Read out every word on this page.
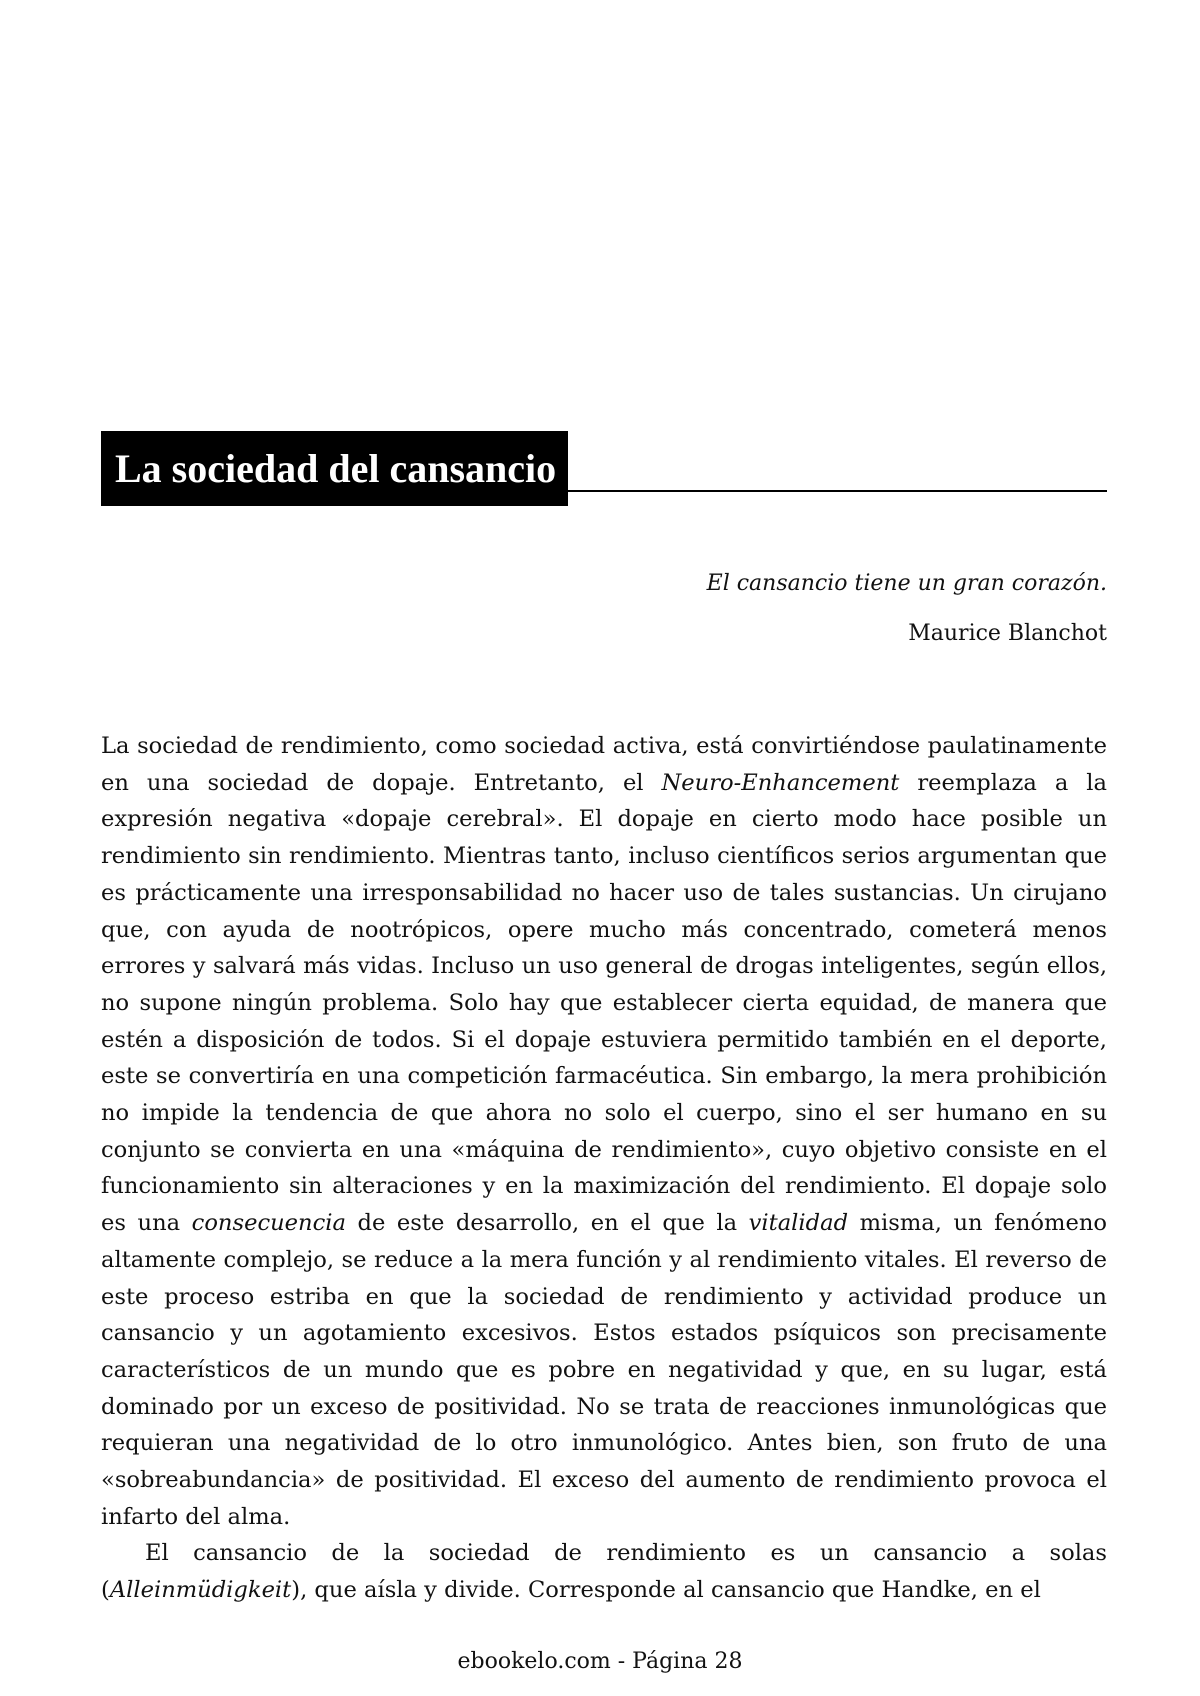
La sociedad del cansancio
El cansancio tiene un gran corazón.
Maurice Blanchot

La sociedad de rendimiento, como sociedad activa, está convirtiéndose paulatinamente en una sociedad de dopaje. Entretanto, el Neuro-Enhancement reemplaza a la expresión negativa «dopaje cerebral». El dopaje en cierto modo hace posible un rendimiento sin rendimiento. Mientras tanto, incluso científicos serios argumentan que es prácticamente una irresponsabilidad no hacer uso de tales sustancias. Un cirujano que, con ayuda de nootrópicos, opere mucho más concentrado, cometerá menos errores y salvará más vidas. Incluso un uso general de drogas inteligentes, según ellos, no supone ningún problema. Solo hay que establecer cierta equidad, de manera que estén a disposición de todos. Si el dopaje estuviera permitido también en el deporte, este se convertiría en una competición farmacéutica. Sin embargo, la mera prohibición no impide la tendencia de que ahora no solo el cuerpo, sino el ser humano en su conjunto se convierta en una «máquina de rendimiento», cuyo objetivo consiste en el funcionamiento sin alteraciones y en la maximización del rendimiento. El dopaje solo es una consecuencia de este desarrollo, en el que la vitalidad misma, un fenómeno altamente complejo, se reduce a la mera función y al rendimiento vitales. El reverso de este proceso estriba en que la sociedad de rendimiento y actividad produce un cansancio y un agotamiento excesivos. Estos estados psíquicos son precisamente característicos de un mundo que es pobre en negatividad y que, en su lugar, está dominado por un exceso de positividad. No se trata de reacciones inmunológicas que requieran una negatividad de lo otro inmunológico. Antes bien, son fruto de una «sobreabundancia» de positividad. El exceso del aumento de rendimiento provoca el infarto del alma.

El cansancio de la sociedad de rendimiento es un cansancio a solas (Alleinmüdigkeit), que aísla y divide. Corresponde al cansancio que Handke, en el

ebookelo.com - Página 28
